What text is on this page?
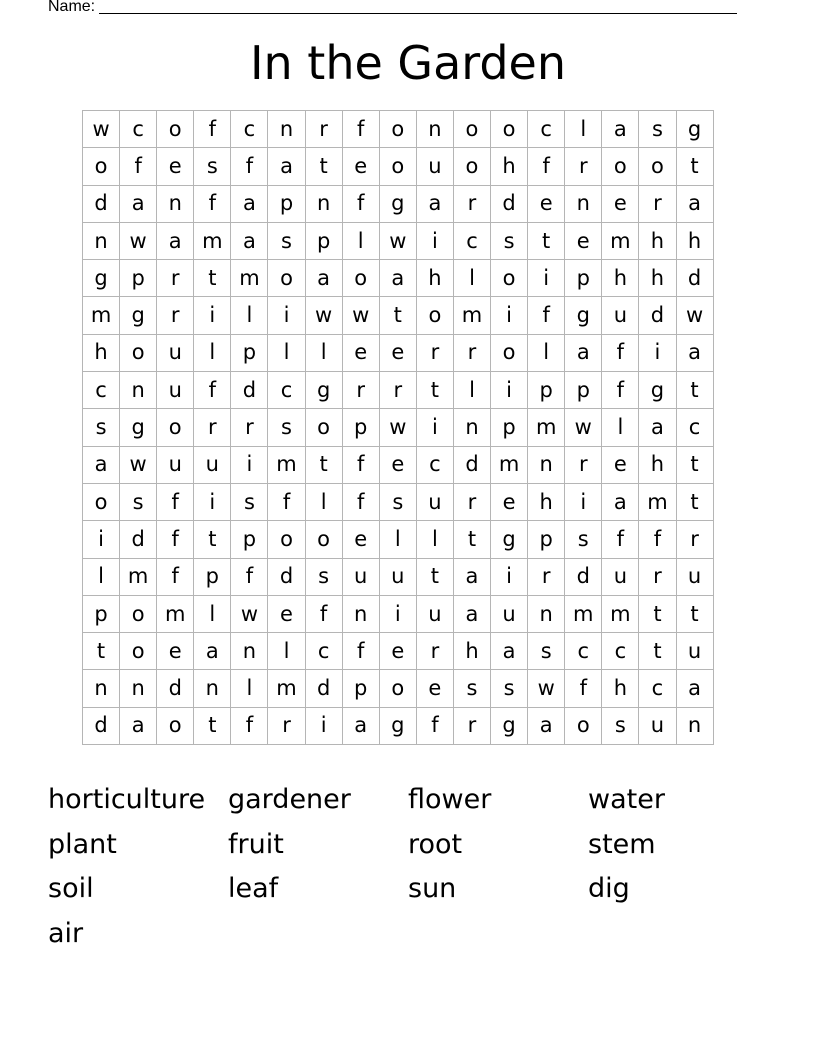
Name:
In the Garden
w	c	o	f	c	n	r	f	o	n	o	o	c	l	a	s	g
o	f	e	s	f	a	t	e	o	u	o	h	f	r	o	o	t
d	a	n	f	a	p	n	f	g	a	r	d	e	n	e	r	a
n	w	a	m	a	s	p	l	w	i	c	s	t	e	m	h	h
g	p	r	t	m	o	a	o	a	h	l	o	i	p	h	h	d
m	g	r	i	l	i	w	w	t	o	m	i	f	g	u	d	w
h	o	u	l	p	l	l	e	e	r	r	o	l	a	f	i	a
c	n	u	f	d	c	g	r	r	t	l	i	p	p	f	g	t
s	g	o	r	r	s	o	p	w	i	n	p	m	w	l	a	c
a	w	u	u	i	m	t	f	e	c	d	m	n	r	e	h	t
o	s	f	i	s	f	l	f	s	u	r	e	h	i	a	m	t
i	d	f	t	p	o	o	e	l	l	t	g	p	s	f	f	r
l	m	f	p	f	d	s	u	u	t	a	i	r	d	u	r	u
p	o	m	l	w	e	f	n	i	u	a	u	n	m	m	t	t
t	o	e	a	n	l	c	f	e	r	h	a	s	c	c	t	u
n	n	d	n	l	m	d	p	o	e	s	s	w	f	h	c	a
d	a	o	t	f	r	i	a	g	f	r	g	a	o	s	u	n
horticulture gardener	flower	water
plant	fruit	root	stem
soil	leaf	sun	dig
air
